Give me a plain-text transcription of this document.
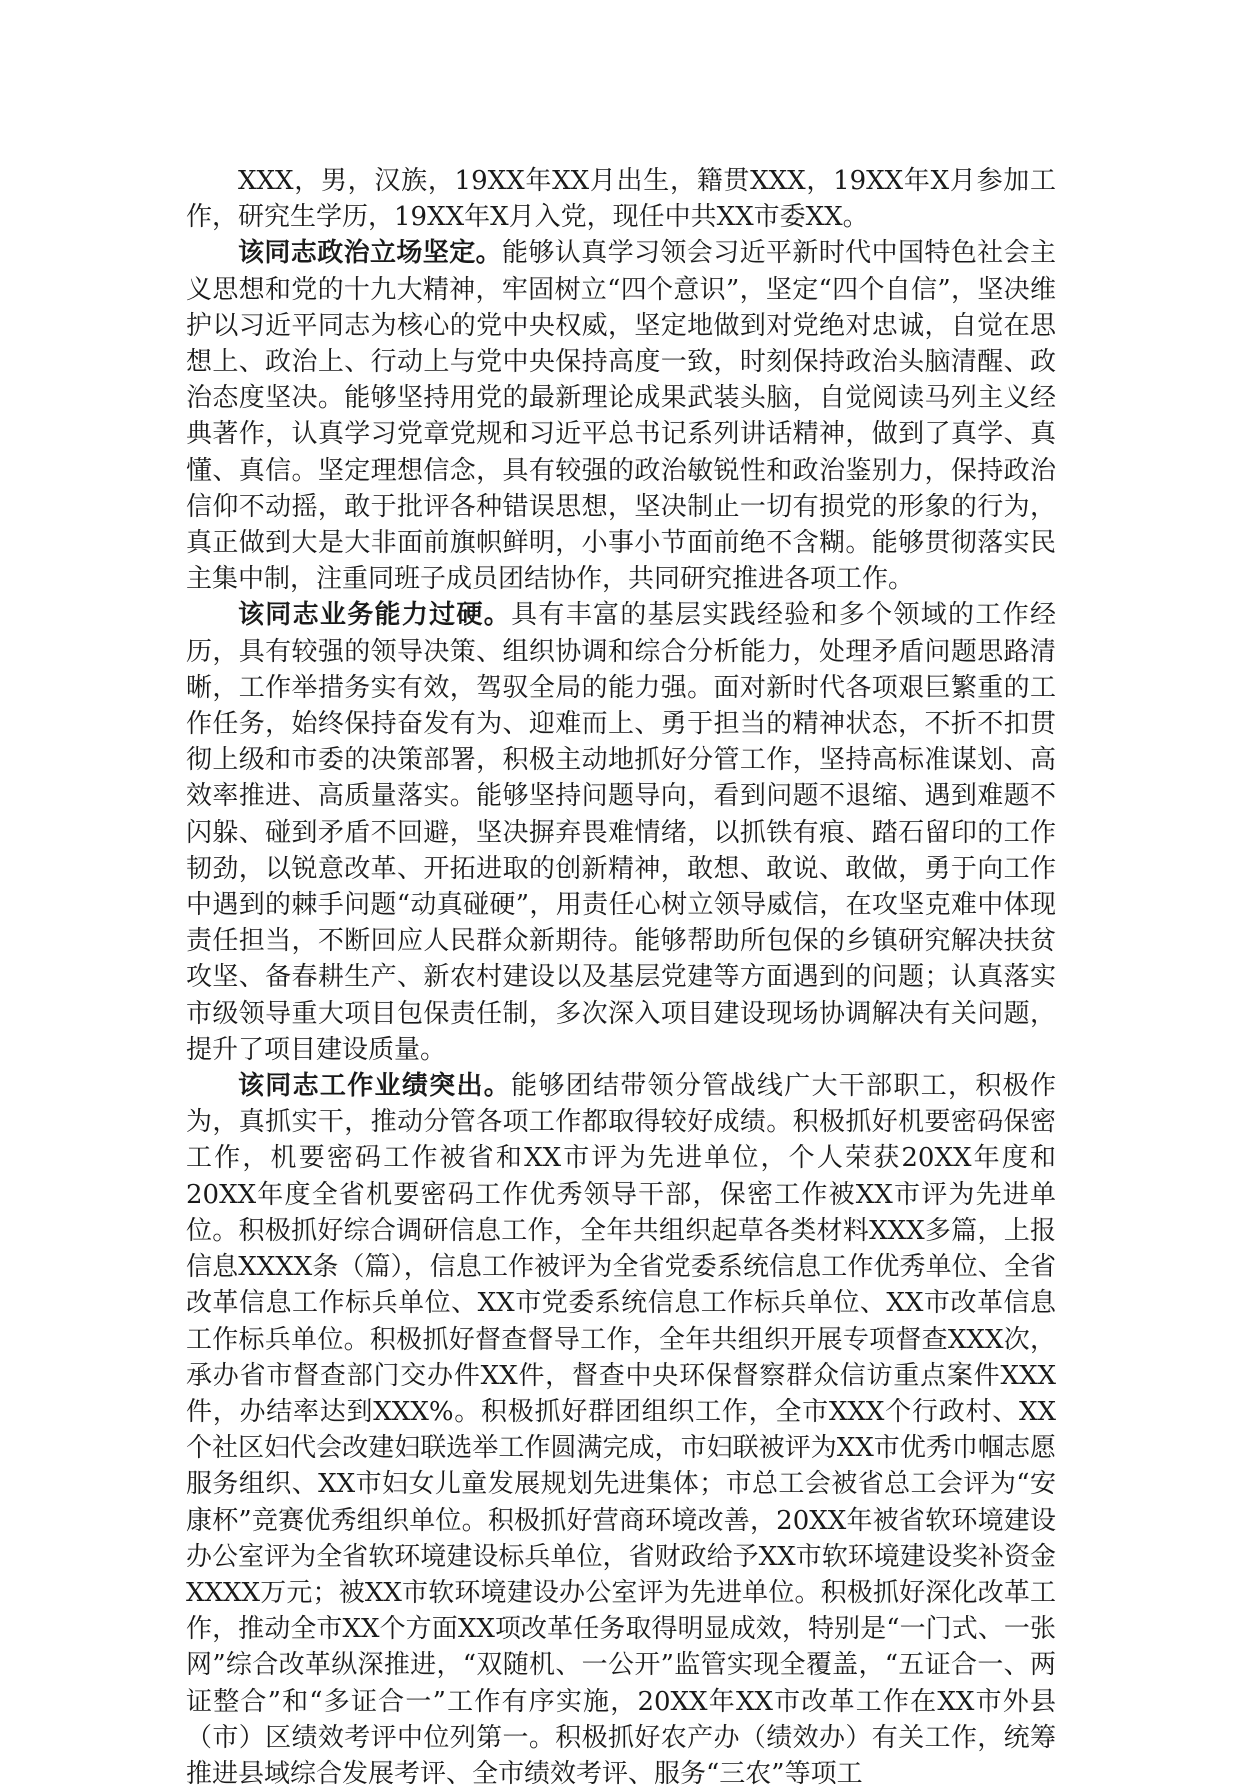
XXX，男，汉族，19XX年XX月出生，籍贯XXX，19XX年X月参加工作，研究生学历，19XX年X月入党，现任中共XX市委XX。

该同志政治立场坚定。能够认真学习领会习近平新时代中国特色社会主义思想和党的十九大精神，牢固树立“四个意识”，坚定“四个自信”，坚决维护以习近平同志为核心的党中央权威，坚定地做到对党绝对忠诚，自觉在思想上、政治上、行动上与党中央保持高度一致，时刻保持政治头脑清醒、政治态度坚决。能够坚持用党的最新理论成果武装头脑，自觉阅读马列主义经典著作，认真学习党章党规和习近平总书记系列讲话精神，做到了真学、真懂、真信。坚定理想信念，具有较强的政治敏锐性和政治鉴别力，保持政治信仰不动摇，敢于批评各种错误思想，坚决制止一切有损党的形象的行为，真正做到大是大非面前旗帜鲜明，小事小节面前绝不含糊。能够贯彻落实民主集中制，注重同班子成员团结协作，共同研究推进各项工作。

该同志业务能力过硬。具有丰富的基层实践经验和多个领域的工作经历，具有较强的领导决策、组织协调和综合分析能力，处理矛盾问题思路清晰，工作举措务实有效，驾驭全局的能力强。面对新时代各项艰巨繁重的工作任务，始终保持奋发有为、迎难而上、勇于担当的精神状态，不折不扣贯彻上级和市委的决策部署，积极主动地抓好分管工作，坚持高标准谋划、高效率推进、高质量落实。能够坚持问题导向，看到问题不退缩、遇到难题不闪躲、碰到矛盾不回避，坚决摒弃畏难情绪，以抓铁有痕、踏石留印的工作韧劲，以锐意改革、开拓进取的创新精神，敢想、敢说、敢做，勇于向工作中遇到的棘手问题“动真碰硬”，用责任心树立领导威信，在攻坚克难中体现责任担当，不断回应人民群众新期待。能够帮助所包保的乡镇研究解决扶贫攻坚、备春耕生产、新农村建设以及基层党建等方面遇到的问题；认真落实市级领导重大项目包保责任制，多次深入项目建设现场协调解决有关问题，提升了项目建设质量。

该同志工作业绩突出。能够团结带领分管战线广大干部职工，积极作为，真抓实干，推动分管各项工作都取得较好成绩。积极抓好机要密码保密工作，机要密码工作被省和XX市评为先进单位，个人荣获20XX年度和20XX年度全省机要密码工作优秀领导干部，保密工作被XX市评为先进单位。积极抓好综合调研信息工作，全年共组织起草各类材料XXX多篇，上报信息XXXX条（篇），信息工作被评为全省党委系统信息工作优秀单位、全省改革信息工作标兵单位、XX市党委系统信息工作标兵单位、XX市改革信息工作标兵单位。积极抓好督查督导工作，全年共组织开展专项督查XXX次，承办省市督查部门交办件XX件，督查中央环保督察群众信访重点案件XXX件，办结率达到XXX%。积极抓好群团组织工作，全市XXX个行政村、XX个社区妇代会改建妇联选举工作圆满完成，市妇联被评为XX市优秀巾帼志愿服务组织、XX市妇女儿童发展规划先进集体；市总工会被省总工会评为“安康杯”竞赛优秀组织单位。积极抓好营商环境改善，20XX年被省软环境建设办公室评为全省软环境建设标兵单位，省财政给予XX市软环境建设奖补资金XXXX万元；被XX市软环境建设办公室评为先进单位。积极抓好深化改革工作，推动全市XX个方面XX项改革任务取得明显成效，特别是“一门式、一张网”综合改革纵深推进，“双随机、一公开”监管实现全覆盖，“五证合一、两证整合”和“多证合一”工作有序实施，20XX年XX市改革工作在XX市外县（市）区绩效考评中位列第一。积极抓好农产办（绩效办）有关工作，统筹推进县域综合发展考评、全市绩效考评、服务“三农”等项工
